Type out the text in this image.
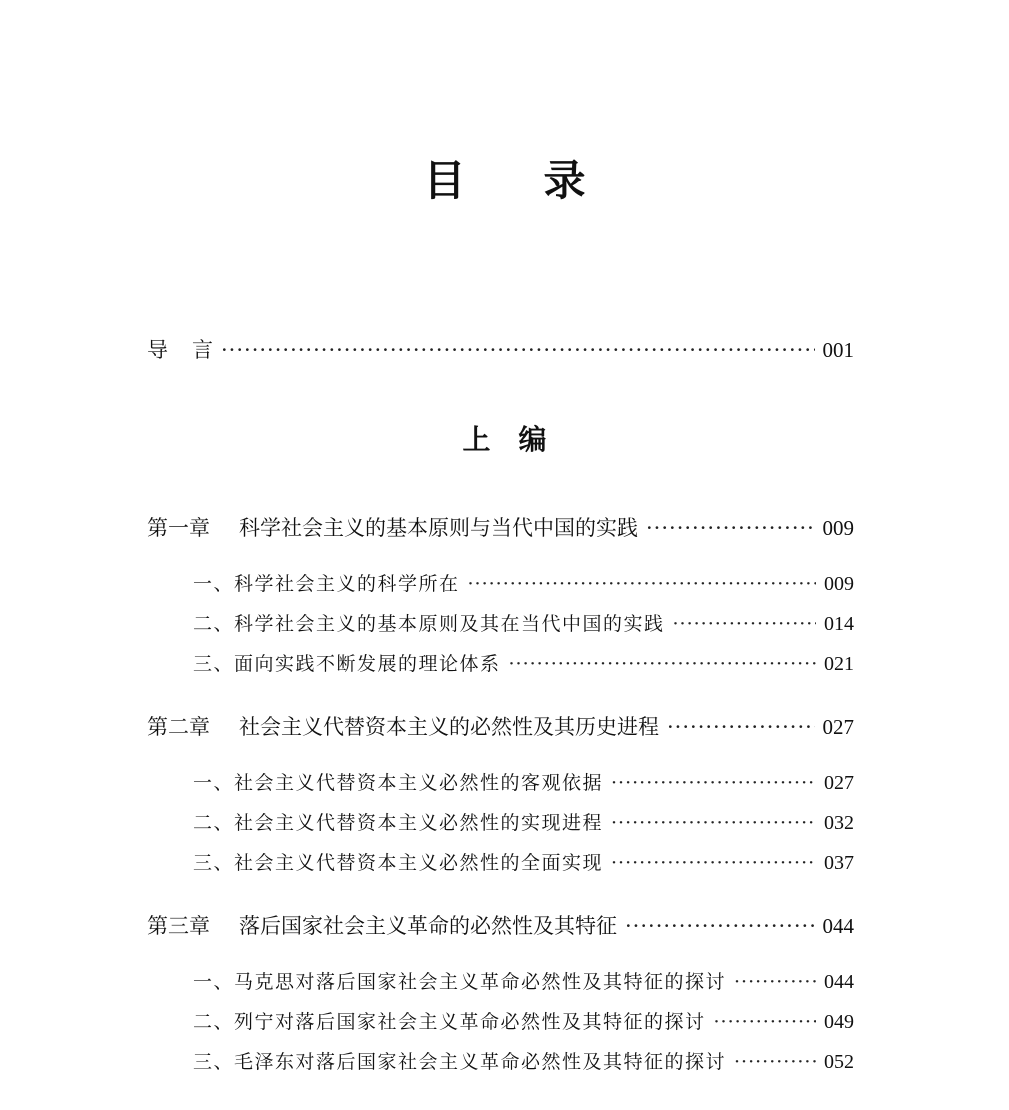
目 录
导 言 ·····	001
上 编
第一章 科学社会主义的基本原则与当代中国的实践 ·····	009
一、科学社会主义的科学所在 ·····	009
二、科学社会主义的基本原则及其在当代中国的实践 ·····	014
三、面向实践不断发展的理论体系 ·····	021
第二章 社会主义代替资本主义的必然性及其历史进程 ·····	027
一、社会主义代替资本主义必然性的客观依据 ·····	027
二、社会主义代替资本主义必然性的实现进程 ·····	032
三、社会主义代替资本主义必然性的全面实现 ·····	037
第三章 落后国家社会主义革命的必然性及其特征 ·····	044
一、马克思对落后国家社会主义革命必然性及其特征的探讨 ·····	044
二、列宁对落后国家社会主义革命必然性及其特征的探讨 ·····	049
三、毛泽东对落后国家社会主义革命必然性及其特征的探讨 ·····	052
